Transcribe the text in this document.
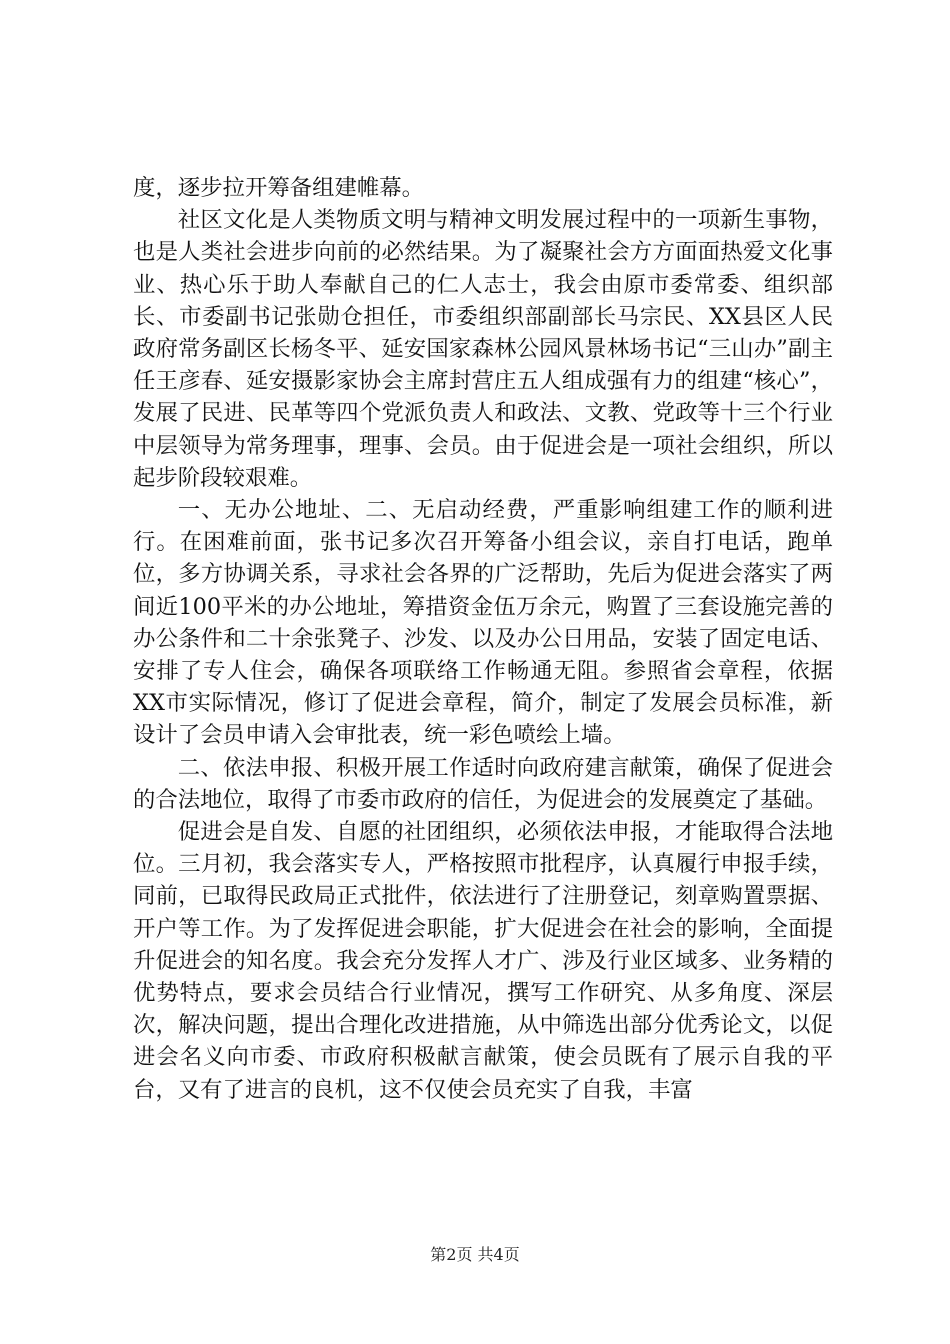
度，逐步拉开筹备组建帷幕。

社区文化是人类物质文明与精神文明发展过程中的一项新生事物，也是人类社会进步向前的必然结果。为了凝聚社会方方面面热爱文化事业、热心乐于助人奉献自己的仁人志士，我会由原市委常委、组织部长、市委副书记张勋仓担任，市委组织部副部长马宗民、XX县区人民政府常务副区长杨冬平、延安国家森林公园风景林场书记“三山办”副主任王彦春、延安摄影家协会主席封营庄五人组成强有力的组建“核心”，发展了民进、民革等四个党派负责人和政法、文教、党政等十三个行业中层领导为常务理事，理事、会员。由于促进会是一项社会组织，所以起步阶段较艰难。

一、无办公地址、二、无启动经费，严重影响组建工作的顺利进行。在困难前面，张书记多次召开筹备小组会议，亲自打电话，跑单位，多方协调关系，寻求社会各界的广泛帮助，先后为促进会落实了两间近100平米的办公地址，筹措资金伍万余元，购置了三套设施完善的办公条件和二十余张凳子、沙发、以及办公日用品，安装了固定电话、安排了专人住会，确保各项联络工作畅通无阻。参照省会章程，依据XX市实际情况，修订了促进会章程，简介，制定了发展会员标准，新设计了会员申请入会审批表，统一彩色喷绘上墙。

二、依法申报、积极开展工作适时向政府建言献策，确保了促进会的合法地位，取得了市委市政府的信任，为促进会的发展奠定了基础。

促进会是自发、自愿的社团组织，必须依法申报，才能取得合法地位。三月初，我会落实专人，严格按照市批程序，认真履行申报手续，同前，已取得民政局正式批件，依法进行了注册登记，刻章购置票据、开户等工作。为了发挥促进会职能，扩大促进会在社会的影响，全面提升促进会的知名度。我会充分发挥人才广、涉及行业区域多、业务精的优势特点，要求会员结合行业情况，撰写工作研究、从多角度、深层次，解决问题，提出合理化改进措施，从中筛选出部分优秀论文，以促进会名义向市委、市政府积极献言献策，使会员既有了展示自我的平台，又有了进言的良机，这不仅使会员充实了自我，丰富

第2页 共4页
